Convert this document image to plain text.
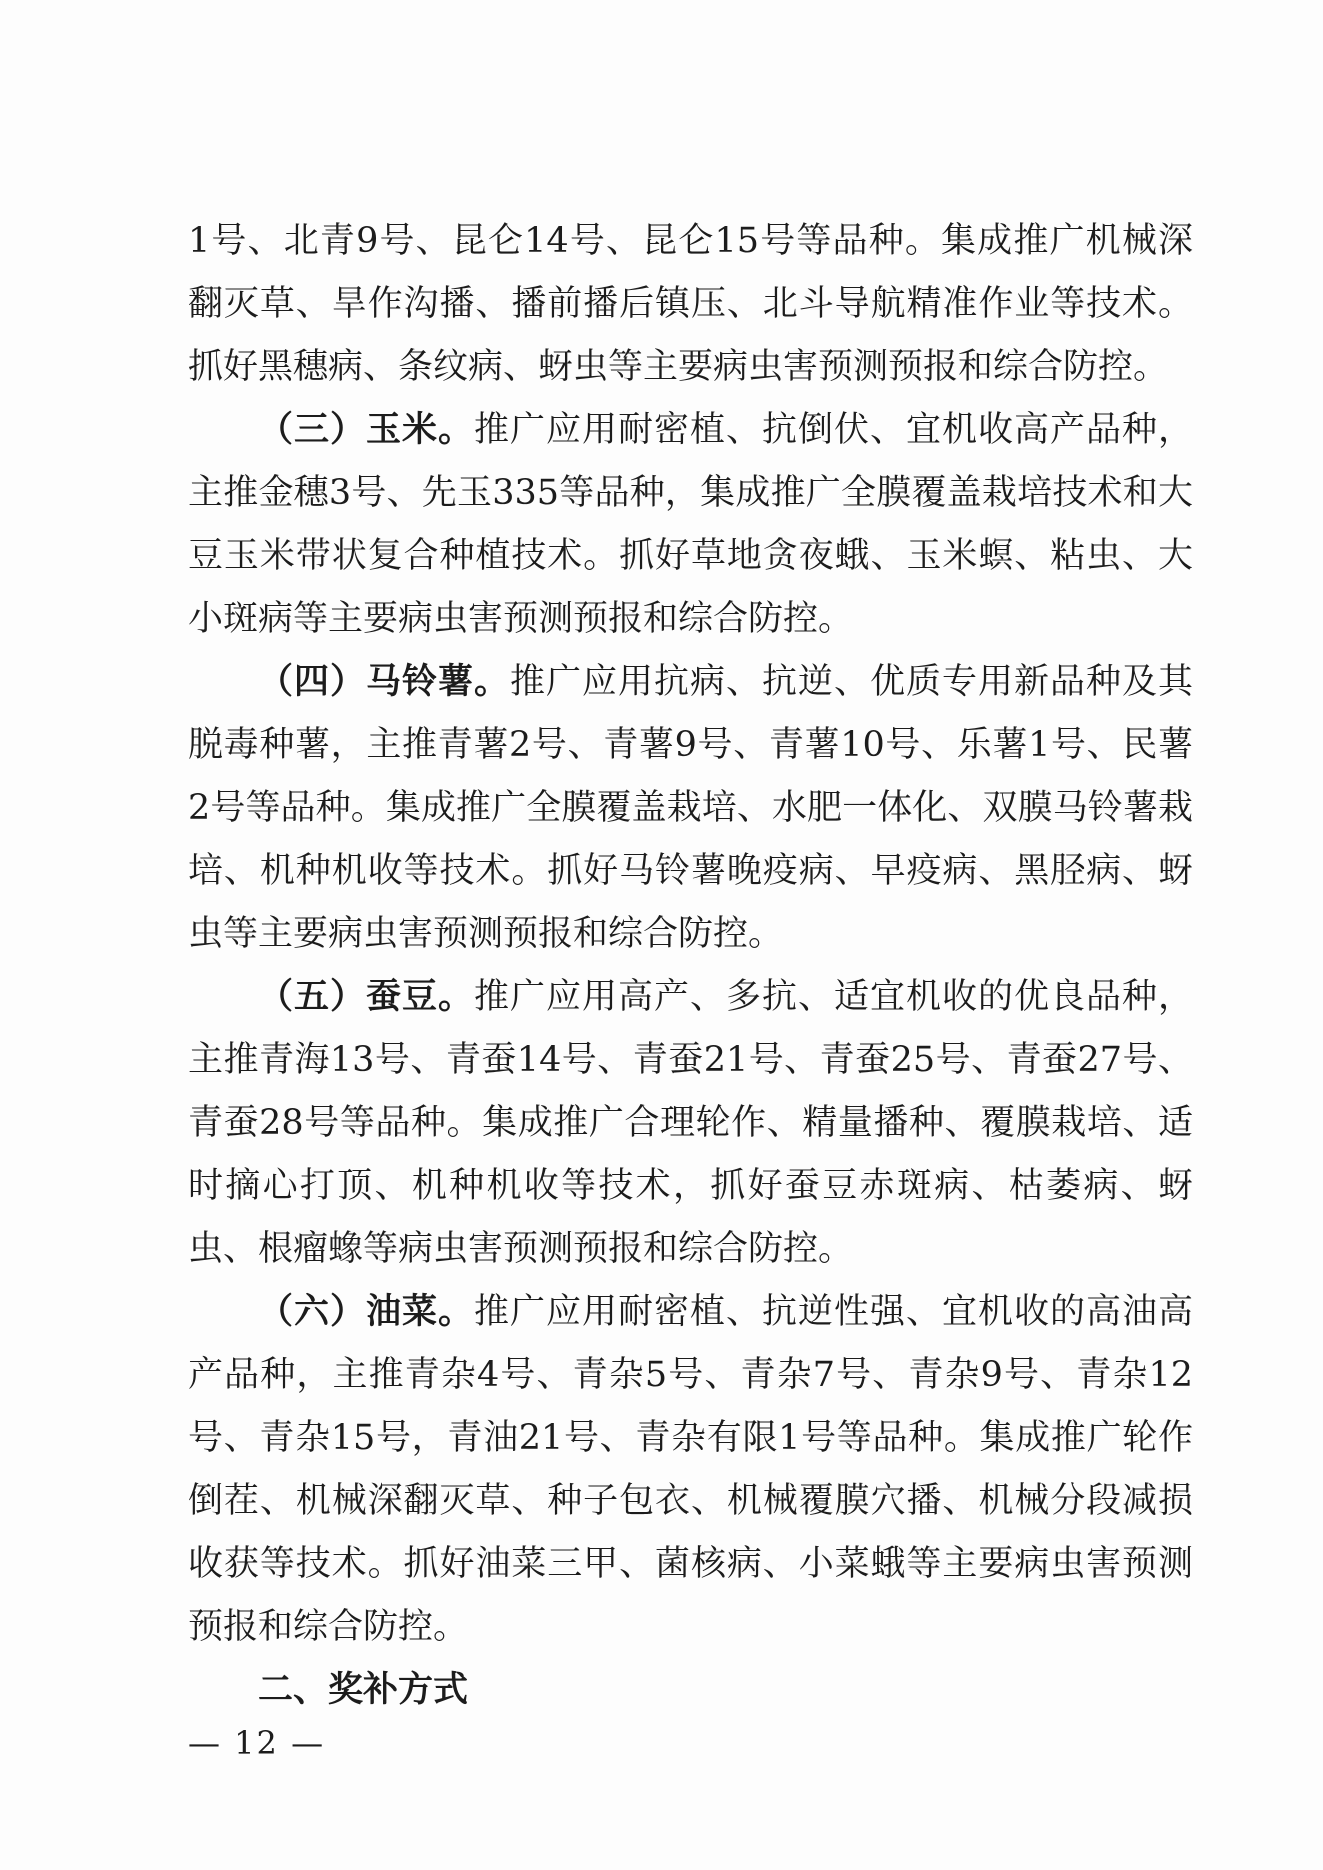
1号、北青9号、昆仑14号、昆仑15号等品种。集成推广机械深翻灭草、旱作沟播、播前播后镇压、北斗导航精准作业等技术。抓好黑穗病、条纹病、蚜虫等主要病虫害预测预报和综合防控。

（三）玉米。推广应用耐密植、抗倒伏、宜机收高产品种，主推金穗3号、先玉335等品种，集成推广全膜覆盖栽培技术和大豆玉米带状复合种植技术。抓好草地贪夜蛾、玉米螟、粘虫、大小斑病等主要病虫害预测预报和综合防控。

（四）马铃薯。推广应用抗病、抗逆、优质专用新品种及其脱毒种薯，主推青薯2号、青薯9号、青薯10号、乐薯1号、民薯2号等品种。集成推广全膜覆盖栽培、水肥一体化、双膜马铃薯栽培、机种机收等技术。抓好马铃薯晚疫病、早疫病、黑胫病、蚜虫等主要病虫害预测预报和综合防控。

（五）蚕豆。推广应用高产、多抗、适宜机收的优良品种，主推青海13号、青蚕14号、青蚕21号、青蚕25号、青蚕27号、青蚕28号等品种。集成推广合理轮作、精量播种、覆膜栽培、适时摘心打顶、机种机收等技术，抓好蚕豆赤斑病、枯萎病、蚜虫、根瘤蟓等病虫害预测预报和综合防控。

（六）油菜。推广应用耐密植、抗逆性强、宜机收的高油高产品种，主推青杂4号、青杂5号、青杂7号、青杂9号、青杂12号、青杂15号，青油21号、青杂有限1号等品种。集成推广轮作倒茬、机械深翻灭草、种子包衣、机械覆膜穴播、机械分段减损收获等技术。抓好油菜三甲、菌核病、小菜蛾等主要病虫害预测预报和综合防控。

二、奖补方式

— 12 —
